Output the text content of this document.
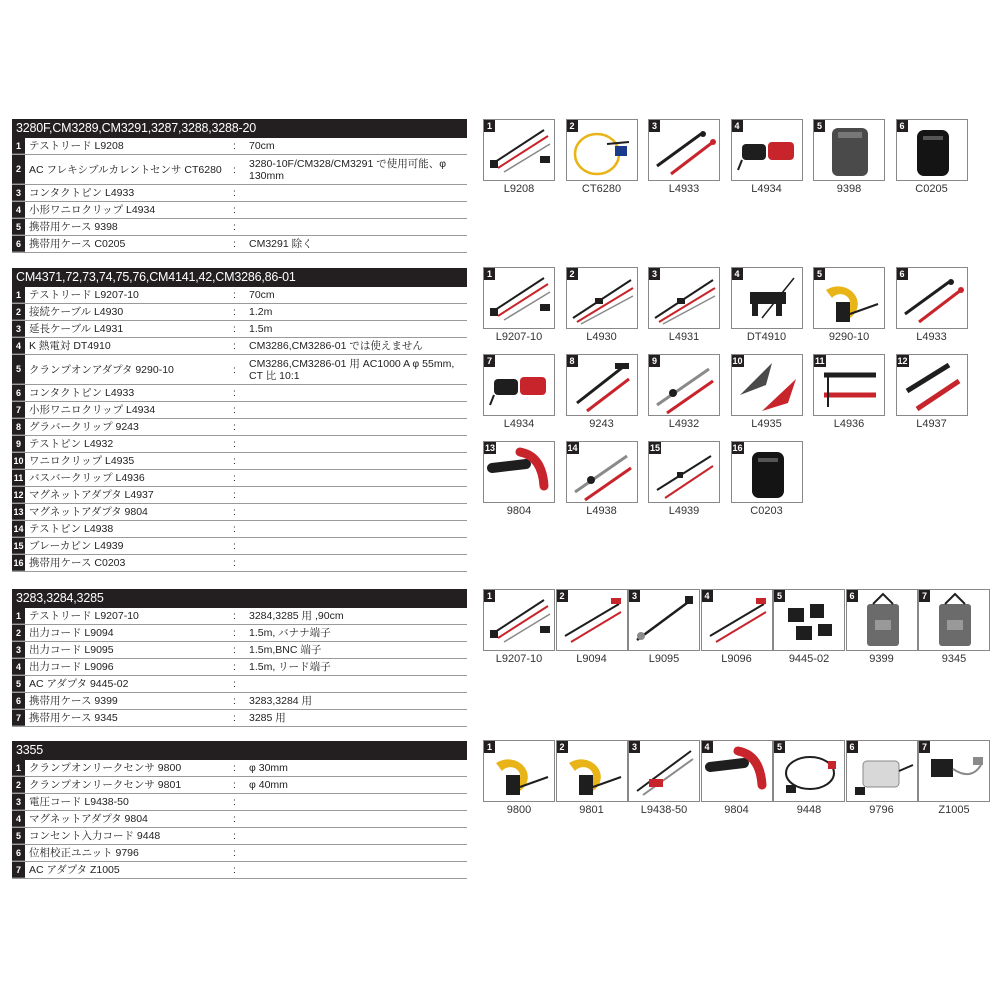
3280F,CM3289,CM3291,3287,3288,3288-20
1 テストリード L9208	:	70cm
2 AC フレキシブルカレントセンサ CT6280	:	3280-10F/CM328/CM3291 で使用可能、φ 130mm
3 コンタクトピン L4933	:
4 小形ワニロクリップ L4934	:
5 携帯用ケース 9398	:
6 携帯用ケース C0205	:	CM3291 除く
1
L9208
2
CT6280
3
L4933
4
L4934
5
9398
6
C0205
CM4371,72,73,74,75,76,CM4141,42,CM3286,86-01
1 テストリード L9207-10	:	70cm
2 接続ケーブル L4930	:	1.2m
3 延長ケーブル L4931	:	1.5m
4 K 熱電対 DT4910	:	CM3286,CM3286-01 では使えません
5 クランプオンアダプタ 9290-10	:	CM3286,CM3286-01 用 AC1000 A φ 55mm, CT 比 10:1
6 コンタクトピン L4933	:
7 小形ワニロクリップ L4934	:
8 グラバークリップ 9243	:
9 テストピン L4932	:
10 ワニロクリップ L4935	:
11 バスバークリップ L4936	:
12 マグネットアダプタ L4937	:
13 マグネットアダプタ 9804	:
14 テストピン L4938	:
15 ブレーカピン L4939	:
16 携帯用ケース C0203	:
1
L9207-10
2
L4930
3
L4931
4
DT4910
5
9290-10
6
L4933
7
L4934
8
9243
9
L4932
10
L4935
11
L4936
12
L4937
13
9804
14
L4938
15
L4939
16
C0203
3283,3284,3285
1 テストリード L9207-10	:	3284,3285 用 ,90cm
2 出力コード L9094	:	1.5m, バナナ端子
3 出力コード L9095	:	1.5m,BNC 端子
4 出力コード L9096	:	1.5m, リード端子
5 AC アダプタ 9445-02	:
6 携帯用ケース 9399	:	3283,3284 用
7 携帯用ケース 9345	:	3285 用
1
L9207-10
2
L9094
3
L9095
4
L9096
5
9445-02
6
9399
7
9345
3355
1 クランプオンリークセンサ 9800	:	φ 30mm
2 クランプオンリークセンサ 9801	:	φ 40mm
3 電圧コード L9438-50	:
4 マグネットアダプタ 9804	:
5 コンセント入力コード 9448	:
6 位相校正ユニット 9796	:
7 AC アダプタ Z1005	:
1
9800
2
9801
3
L9438-50
4
9804
5
9448
6
9796
7
Z1005
